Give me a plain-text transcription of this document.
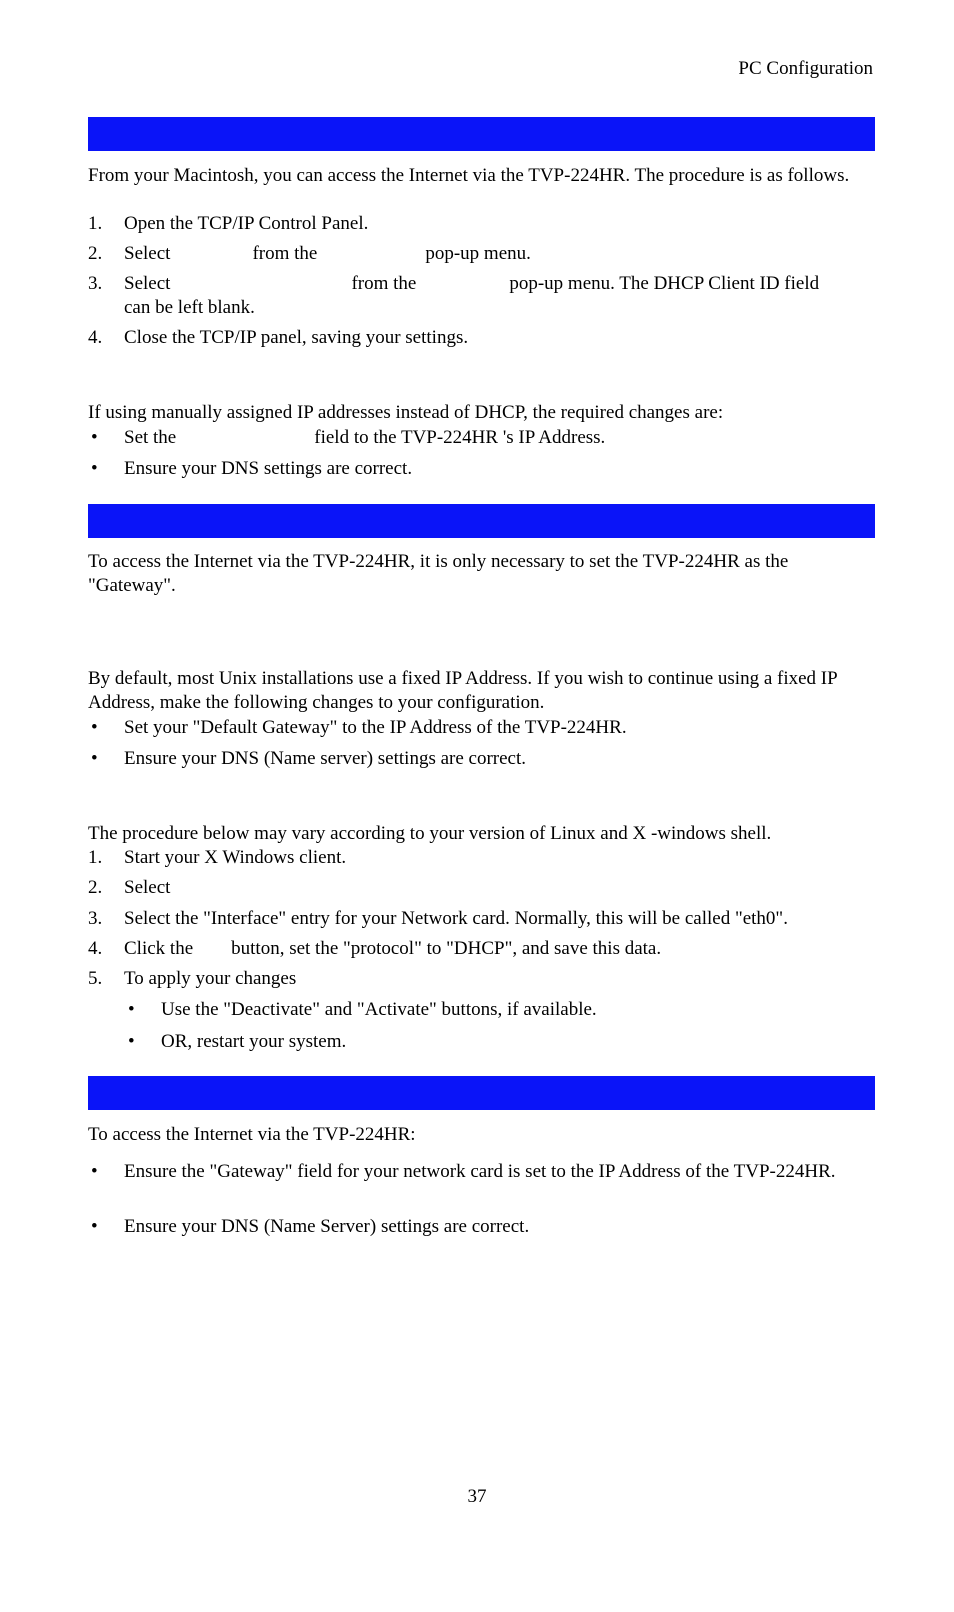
PC Configuration
From your Macintosh, you can access the Internet via the TVP-224HR. The procedure is as follows.
1. Open the TCP/IP Control Panel.
2. Select	from the	pop-up menu.
3. Select	from the	pop-up menu. The DHCP Client ID field
can be left blank.
4. Close the TCP/IP panel, saving your settings.
If using manually assigned IP addresses instead of DHCP, the required changes are:
• Set the	field to the TVP-224HR 's IP Address.
• Ensure your DNS settings are correct.
To access the Internet via the TVP-224HR, it is only necessary to set the TVP-224HR as the "Gateway".
By default, most Unix installations use a fixed IP Address. If you wish to continue using a fixed IP Address, make the following changes to your configuration.
• Set your "Default Gateway" to the IP Address of the TVP-224HR.
• Ensure your DNS (Name server) settings are correct.
The procedure below may vary according to your version of Linux and X -windows shell.
1. Start your X Windows client.
2. Select
3. Select the "Interface" entry for your Network card. Normally, this will be called "eth0".
4. Click the button, set the "protocol" to "DHCP", and save this data.
5. To apply your changes
• Use the "Deactivate" and "Activate" buttons, if available.
• OR, restart your system.
To access the Internet via the TVP-224HR:
• Ensure the "Gateway" field for your network card is set to the IP Address of the TVP-224HR.
• Ensure your DNS (Name Server) settings are correct.
37
